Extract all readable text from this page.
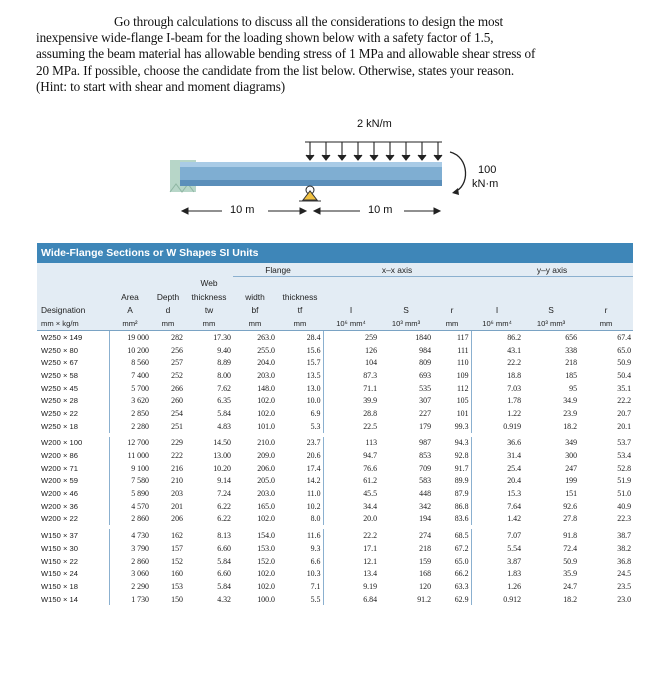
Go through calculations to discuss all the considerations to design the most

inexpensive wide-flange I-beam for the loading shown below with a safety factor of 1.5,

assuming the beam material has allowable bending stress of 1 MPa and allowable shear stress of

20 MPa. If possible, choose the candidate from the list below. Otherwise, states your reason.

(Hint: to start with shear and moment diagrams)

2 kN/m
100
kN·m
10 m	10 m
Wide-Flange Sections or W Shapes SI Units
				Flange		x–x axis			y–y axis		
			Web								
	Area	Depth	thickness	width	thickness						
Designation	A	d	tw	bf	tf	I	S	r	I	S	r
mm × kg/m	mm²	mm	mm	mm	mm	10⁶ mm⁴	10³ mm³	mm	10⁶ mm⁴	10³ mm³	mm
W250 × 149	19 000	282	17.30	263.0	28.4	259	1840	117	86.2	656	67.4
W250 × 80	10 200	256	9.40	255.0	15.6	126	984	111	43.1	338	65.0
W250 × 67	8 560	257	8.89	204.0	15.7	104	809	110	22.2	218	50.9
W250 × 58	7 400	252	8.00	203.0	13.5	87.3	693	109	18.8	185	50.4
W250 × 45	5 700	266	7.62	148.0	13.0	71.1	535	112	7.03	95	35.1
W250 × 28	3 620	260	6.35	102.0	10.0	39.9	307	105	1.78	34.9	22.2
W250 × 22	2 850	254	5.84	102.0	6.9	28.8	227	101	1.22	23.9	20.7
W250 × 18	2 280	251	4.83	101.0	5.3	22.5	179	99.3	0.919	18.2	20.1

W200 × 100	12 700	229	14.50	210.0	23.7	113	987	94.3	36.6	349	53.7
W200 × 86	11 000	222	13.00	209.0	20.6	94.7	853	92.8	31.4	300	53.4
W200 × 71	9 100	216	10.20	206.0	17.4	76.6	709	91.7	25.4	247	52.8
W200 × 59	7 580	210	9.14	205.0	14.2	61.2	583	89.9	20.4	199	51.9
W200 × 46	5 890	203	7.24	203.0	11.0	45.5	448	87.9	15.3	151	51.0
W200 × 36	4 570	201	6.22	165.0	10.2	34.4	342	86.8	7.64	92.6	40.9
W200 × 22	2 860	206	6.22	102.0	8.0	20.0	194	83.6	1.42	27.8	22.3

W150 × 37	4 730	162	8.13	154.0	11.6	22.2	274	68.5	7.07	91.8	38.7
W150 × 30	3 790	157	6.60	153.0	9.3	17.1	218	67.2	5.54	72.4	38.2
W150 × 22	2 860	152	5.84	152.0	6.6	12.1	159	65.0	3.87	50.9	36.8
W150 × 24	3 060	160	6.60	102.0	10.3	13.4	168	66.2	1.83	35.9	24.5
W150 × 18	2 290	153	5.84	102.0	7.1	9.19	120	63.3	1.26	24.7	23.5
W150 × 14	1 730	150	4.32	100.0	5.5	6.84	91.2	62.9	0.912	18.2	23.0
